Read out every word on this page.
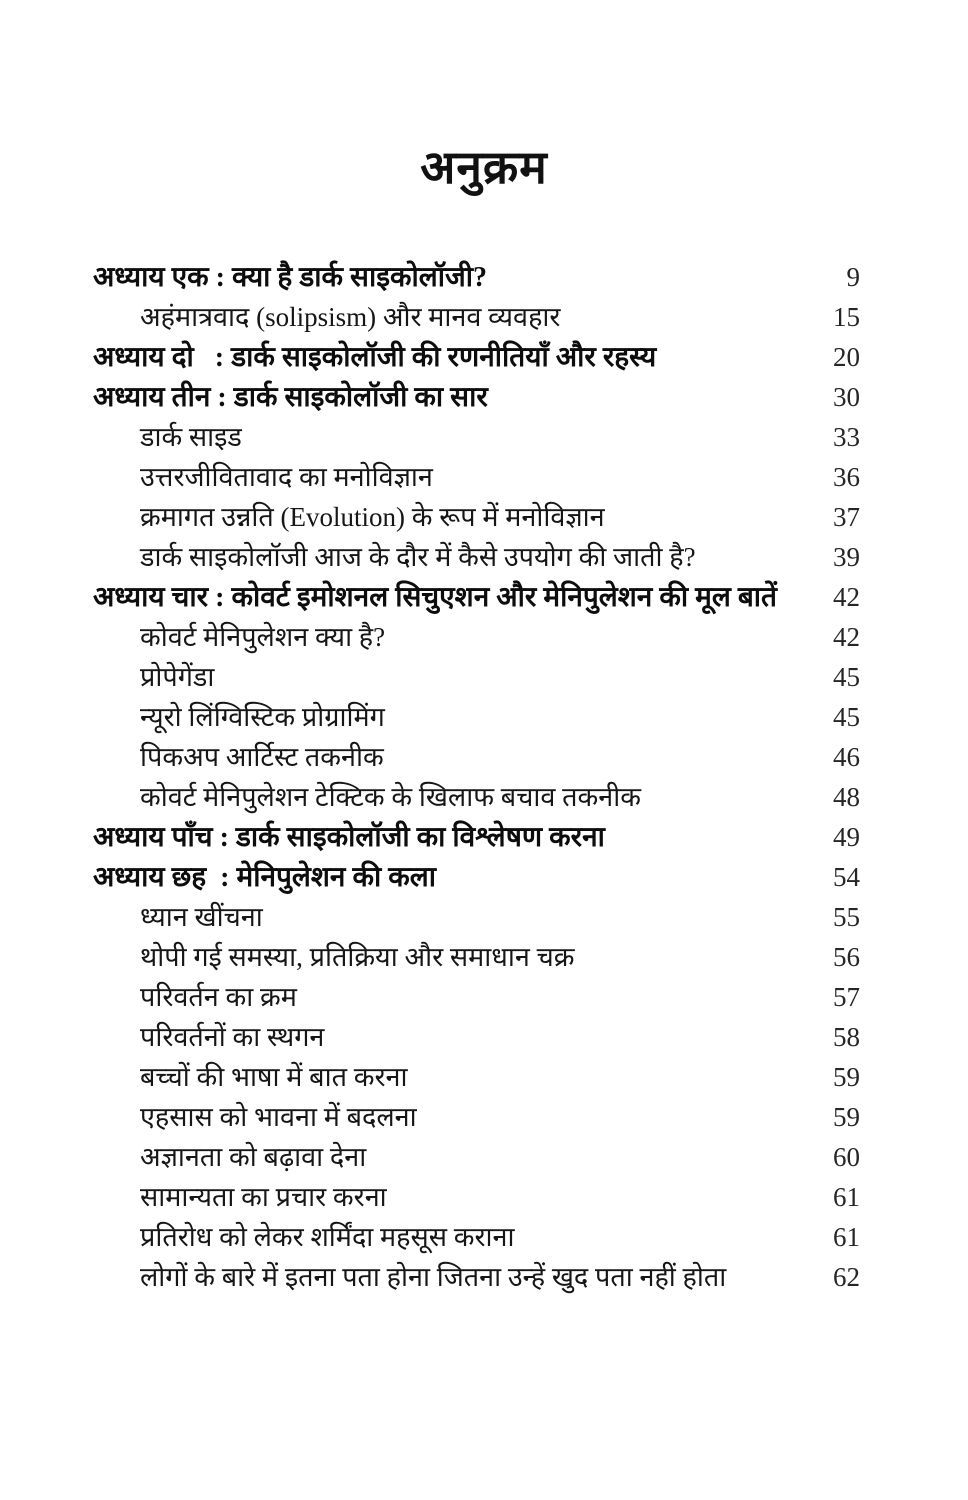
अनुक्रम
अध्याय एक : क्या है डार्क साइकोलॉजी?	9
अहंमात्रवाद (solipsism) और मानव व्यवहार	15
अध्याय दो   : डार्क साइकोलॉजी की रणनीतियाँ और रहस्य	20
अध्याय तीन : डार्क साइकोलॉजी का सार	30
डार्क साइड	33
उत्तरजीवितावाद का मनोविज्ञान	36
क्रमागत उन्नति (Evolution) के रूप में मनोविज्ञान	37
डार्क साइकोलॉजी आज के दौर में कैसे उपयोग की जाती है?	39
अध्याय चार : कोवर्ट इमोशनल सिचुएशन और मेनिपुलेशन की मूल बातें	42
कोवर्ट मेनिपुलेशन क्या है?	42
प्रोपेगेंडा	45
न्यूरो लिंग्विस्टिक प्रोग्रामिंग	45
पिकअप आर्टिस्ट तकनीक	46
कोवर्ट मेनिपुलेशन टेक्टिक के खिलाफ बचाव तकनीक	48
अध्याय पाँच : डार्क साइकोलॉजी का विश्लेषण करना	49
अध्याय छह  : मेनिपुलेशन की कला	54
ध्यान खींचना	55
थोपी गई समस्या, प्रतिक्रिया और समाधान चक्र	56
परिवर्तन का क्रम	57
परिवर्तनों का स्थगन	58
बच्चों की भाषा में बात करना	59
एहसास को भावना में बदलना	59
अज्ञानता को बढ़ावा देना	60
सामान्यता का प्रचार करना	61
प्रतिरोध को लेकर शर्मिंदा महसूस कराना	61
लोगों के बारे में इतना पता होना जितना उन्हें खुद पता नहीं होता	62
